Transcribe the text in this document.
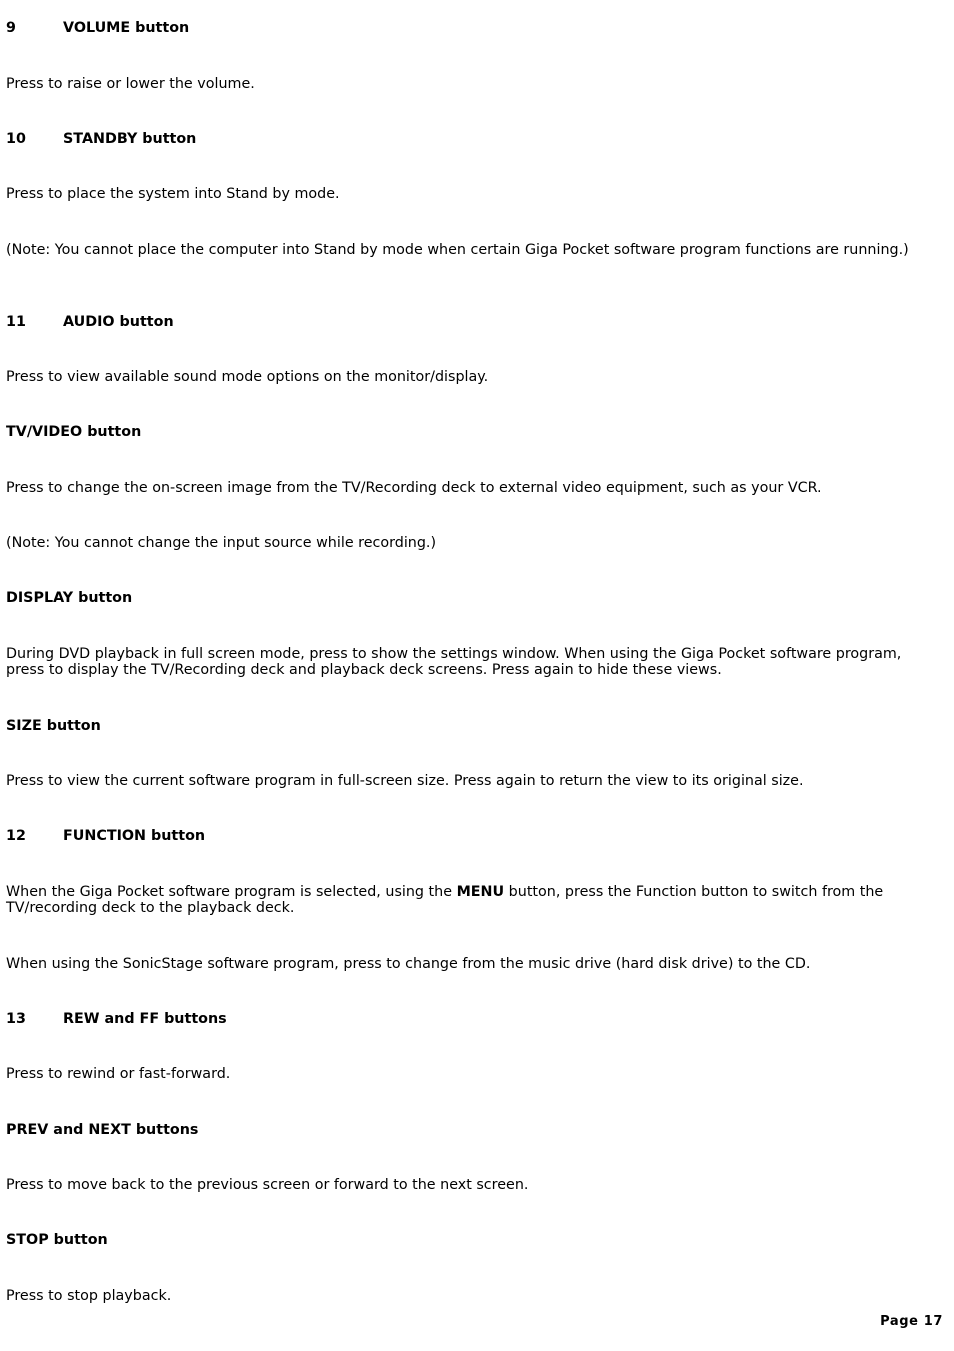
9	VOLUME button
Press to raise or lower the volume.
10	STANDBY button
Press to place the system into Stand by mode.
(Note: You cannot place the computer into Stand by mode when certain Giga Pocket software program functions are running.)
11	AUDIO button
Press to view available sound mode options on the monitor/display.
TV/VIDEO button
Press to change the on-screen image from the TV/Recording deck to external video equipment, such as your VCR.
(Note: You cannot change the input source while recording.)
DISPLAY button
During DVD playback in full screen mode, press to show the settings window. When using the Giga Pocket software program, press to display the TV/Recording deck and playback deck screens. Press again to hide these views.
SIZE button
Press to view the current software program in full-screen size. Press again to return the view to its original size.
12	FUNCTION button
When the Giga Pocket software program is selected, using the MENU button, press the Function button to switch from the TV/recording deck to the playback deck.
When using the SonicStage software program, press to change from the music drive (hard disk drive) to the CD.
13	REW and FF buttons
Press to rewind or fast-forward.
PREV and NEXT buttons
Press to move back to the previous screen or forward to the next screen.
STOP button
Press to stop playback.
Page 17
